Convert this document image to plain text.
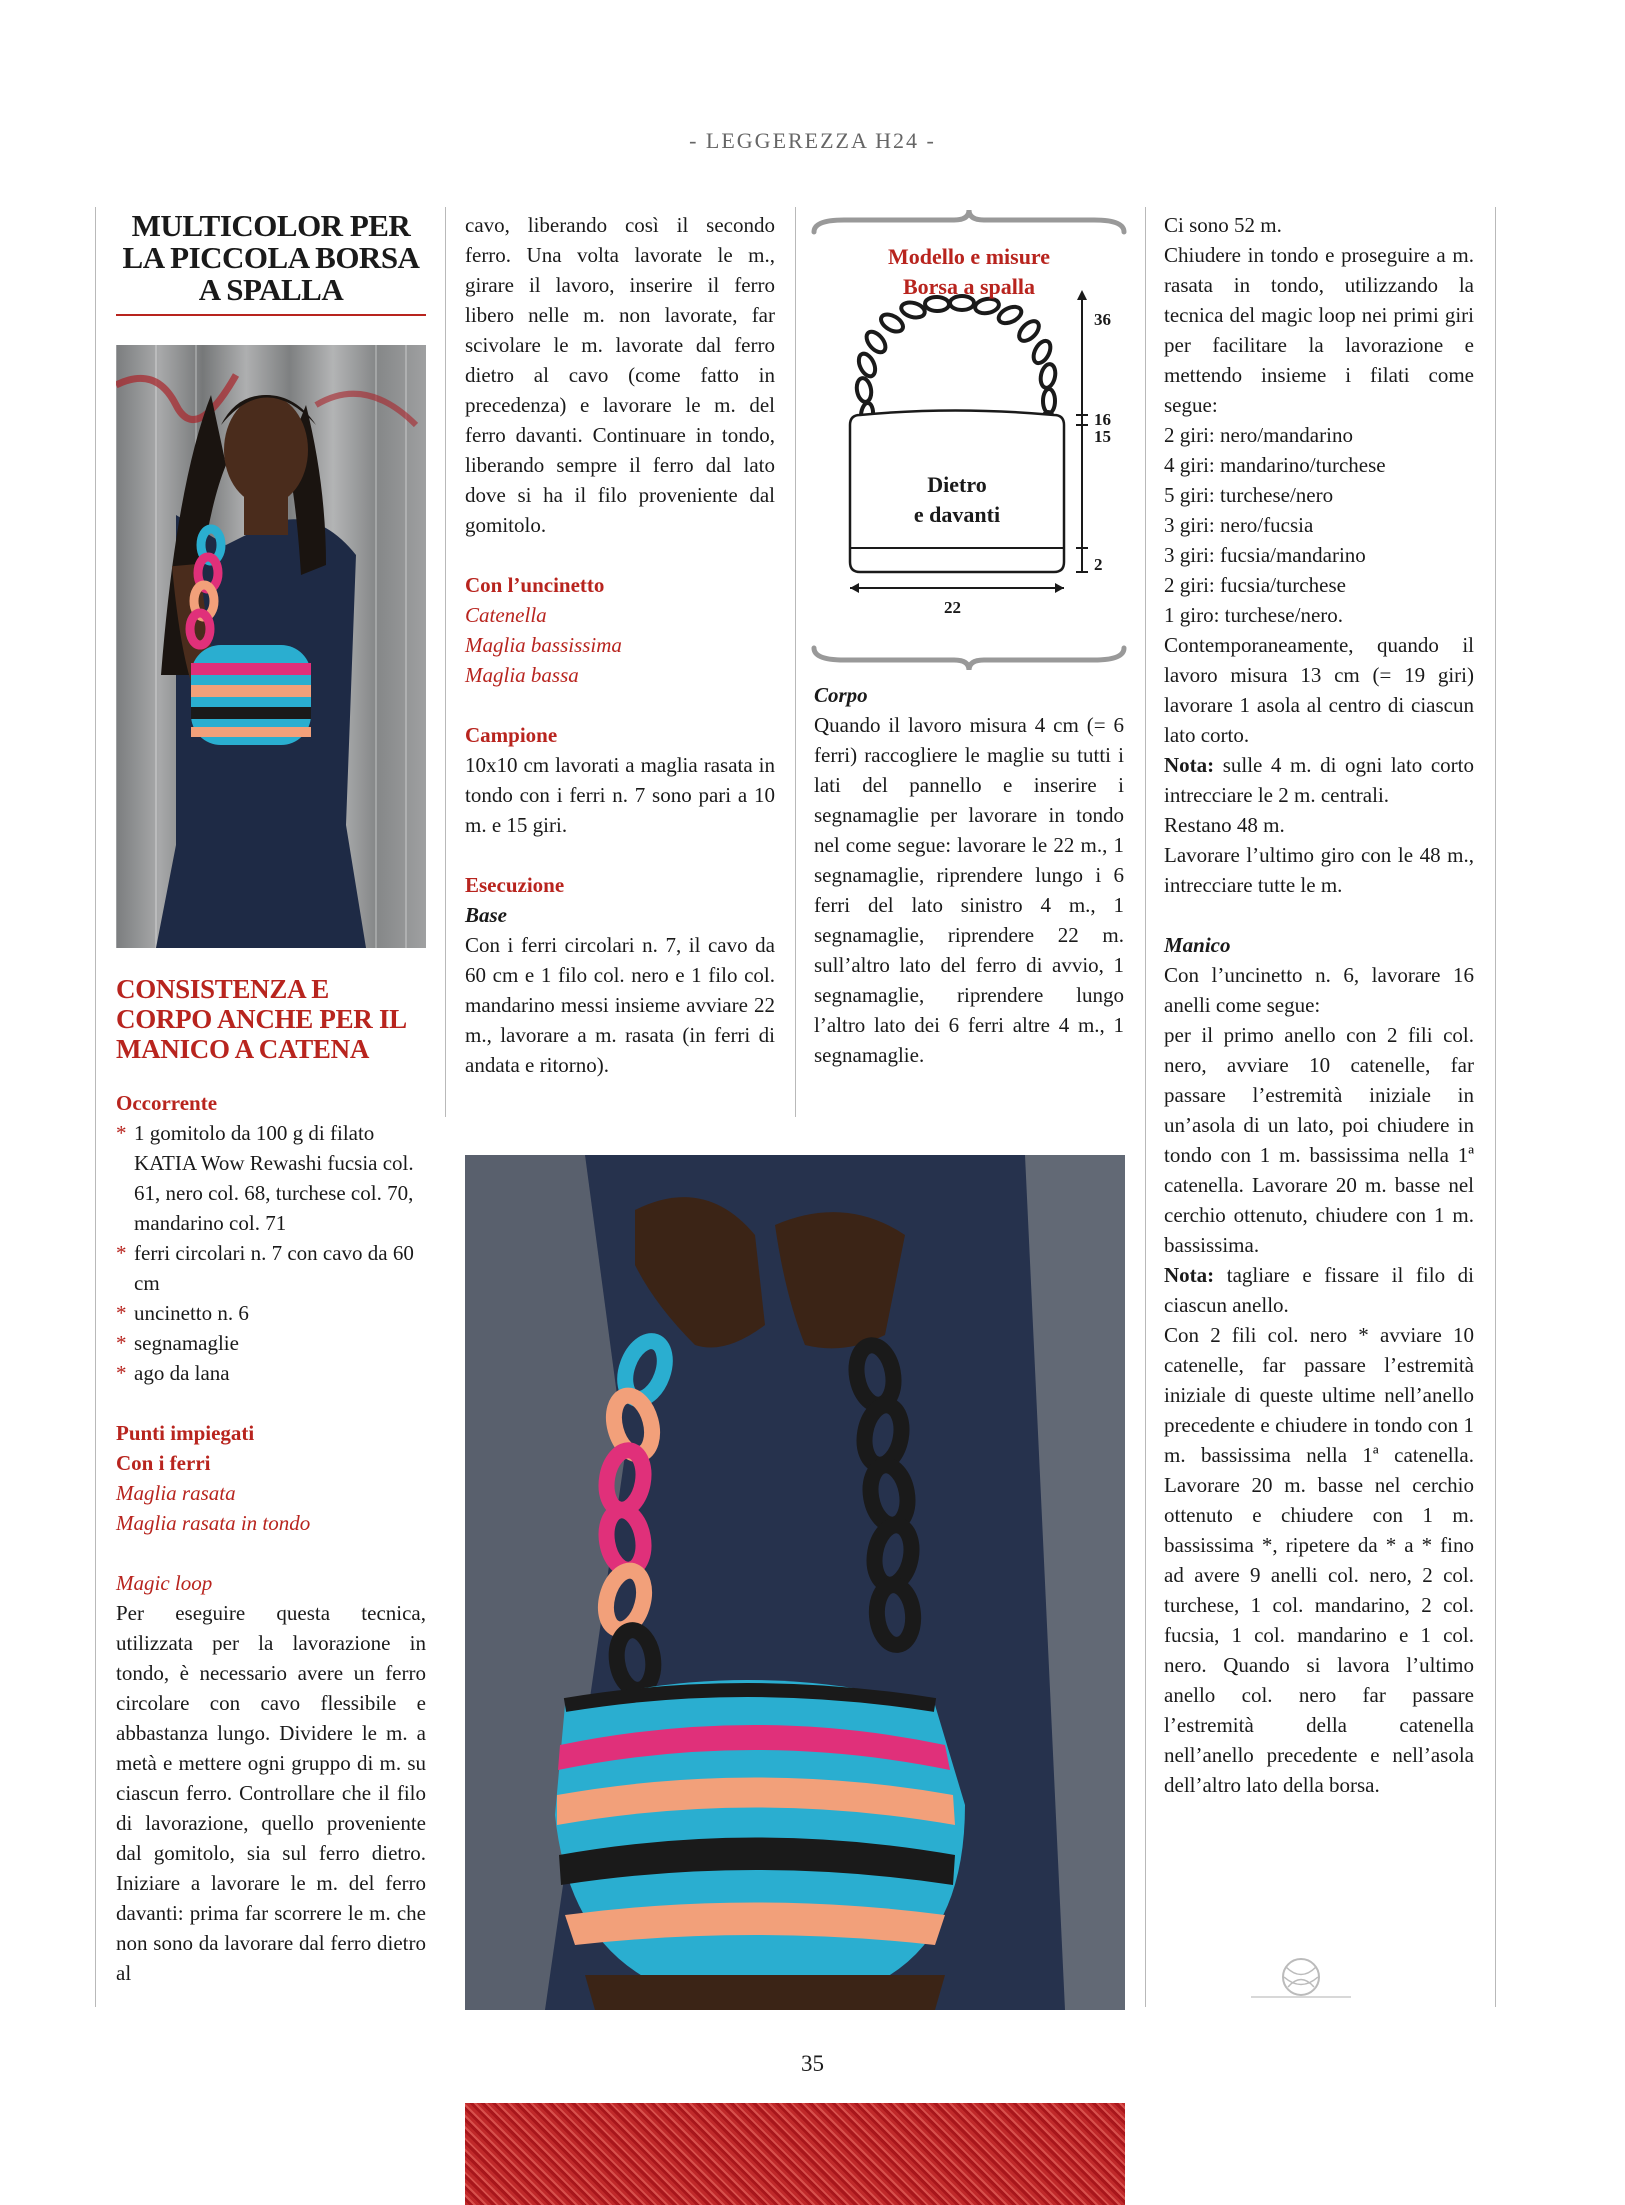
- LEGGEREZZA H24 -
MULTICOLOR PER LA PICCOLA BORSA A SPALLA
CONSISTENZA E CORPO ANCHE PER IL MANICO A CATENA

Occorrente

* 1 gomitolo da 100 g di filato KATIA Wow Rewashi fucsia col. 61, nero col. 68, turchese col. 70, mandarino col. 71
* ferri circolari n. 7 con cavo da 60 cm
* uncinetto n. 6
* segnamaglie
* ago da lana

Punti impiegati

Con i ferri

Maglia rasata

Maglia rasata in tondo

Magic loop

Per eseguire questa tecnica, utilizzata per la lavorazione in tondo, è necessario avere un ferro circolare con cavo flessibile e abbastanza lungo. Dividere le m. a metà e mettere ogni gruppo di m. su ciascun ferro. Controllare che il filo di lavorazione, quello proveniente dal gomitolo, sia sul ferro dietro. Iniziare a lavorare le m. del ferro davanti: prima far scorrere le m. che non sono da lavorare dal ferro dietro al

cavo, liberando così il secondo ferro. Una volta lavorate le m., girare il lavoro, inserire il ferro libero nelle m. non lavorate, far scivolare le m. lavorate dal ferro dietro al cavo (come fatto in precedenza) e lavorare le m. del ferro davanti. Continuare in tondo, liberando sempre il ferro dal lato dove si ha il filo proveniente dal gomitolo.

Con l’uncinetto

Catenella

Maglia bassissima

Maglia bassa

Campione

10x10 cm lavorati a maglia rasata in tondo con i ferri n. 7 sono pari a 10 m. e 15 giri.

Esecuzione

Base

Con i ferri circolari n. 7, il cavo da 60 cm e 1 filo col. nero e 1 filo col. mandarino messi insieme avviare 22 m., lavorare a m. rasata (in ferri di andata e ritorno).

Modello e misure
Borsa a spalla
Dietro
e davanti
36
16
15
2
22

Corpo

Quando il lavoro misura 4 cm (= 6 ferri) raccogliere le maglie su tutti i lati del pannello e inserire i segnamaglie per lavorare in tondo nel come segue: lavorare le 22 m., 1 segnamaglie, riprendere lungo i 6 ferri del lato sinistro 4 m., 1 segnamaglie, riprendere 22 m. sull’altro lato del ferro di avvio, 1 segnamaglie, riprendere lungo l’altro lato dei 6 ferri altre 4 m., 1 segnamaglie.

Ci sono 52 m.

Chiudere in tondo e proseguire a m. rasata in tondo, utilizzando la tecnica del magic loop nei primi giri per facilitare la lavorazione e mettendo insieme i filati come segue:

2 giri: nero/mandarino

4 giri: mandarino/turchese

5 giri: turchese/nero

3 giri: nero/fucsia

3 giri: fucsia/mandarino

2 giri: fucsia/turchese

1 giro: turchese/nero.

Contemporaneamente, quando il lavoro misura 13 cm (= 19 giri) lavorare 1 asola al centro di ciascun lato corto.

Nota: sulle 4 m. di ogni lato corto intrecciare le 2 m. centrali.

Restano 48 m.

Lavorare l’ultimo giro con le 48 m., intrecciare tutte le m.

Manico

Con l’uncinetto n. 6, lavorare 16 anelli come segue:

per il primo anello con 2 fili col. nero, avviare 10 catenelle, far passare l’estremità iniziale in un’asola di un lato, poi chiudere in tondo con 1 m. bassissima nella 1ª catenella. Lavorare 20 m. basse nel cerchio ottenuto, chiudere con 1 m. bassissima.

Nota: tagliare e fissare il filo di ciascun anello.

Con 2 fili col. nero * avviare 10 catenelle, far passare l’estremità iniziale di queste ultime nell’anello precedente e chiudere in tondo con 1 m. bassissima nella 1ª catenella. Lavorare 20 m. basse nel cerchio ottenuto e chiudere con 1 m. bassissima *, ripetere da * a * fino ad avere 9 anelli col. nero, 2 col. turchese, 1 col. mandarino, 2 col. fucsia, 1 col. mandarino e 1 col. nero. Quando si lavora l’ultimo anello col. nero far passare l’estremità della catenella nell’anello precedente e nell’asola dell’altro lato della borsa.

35
